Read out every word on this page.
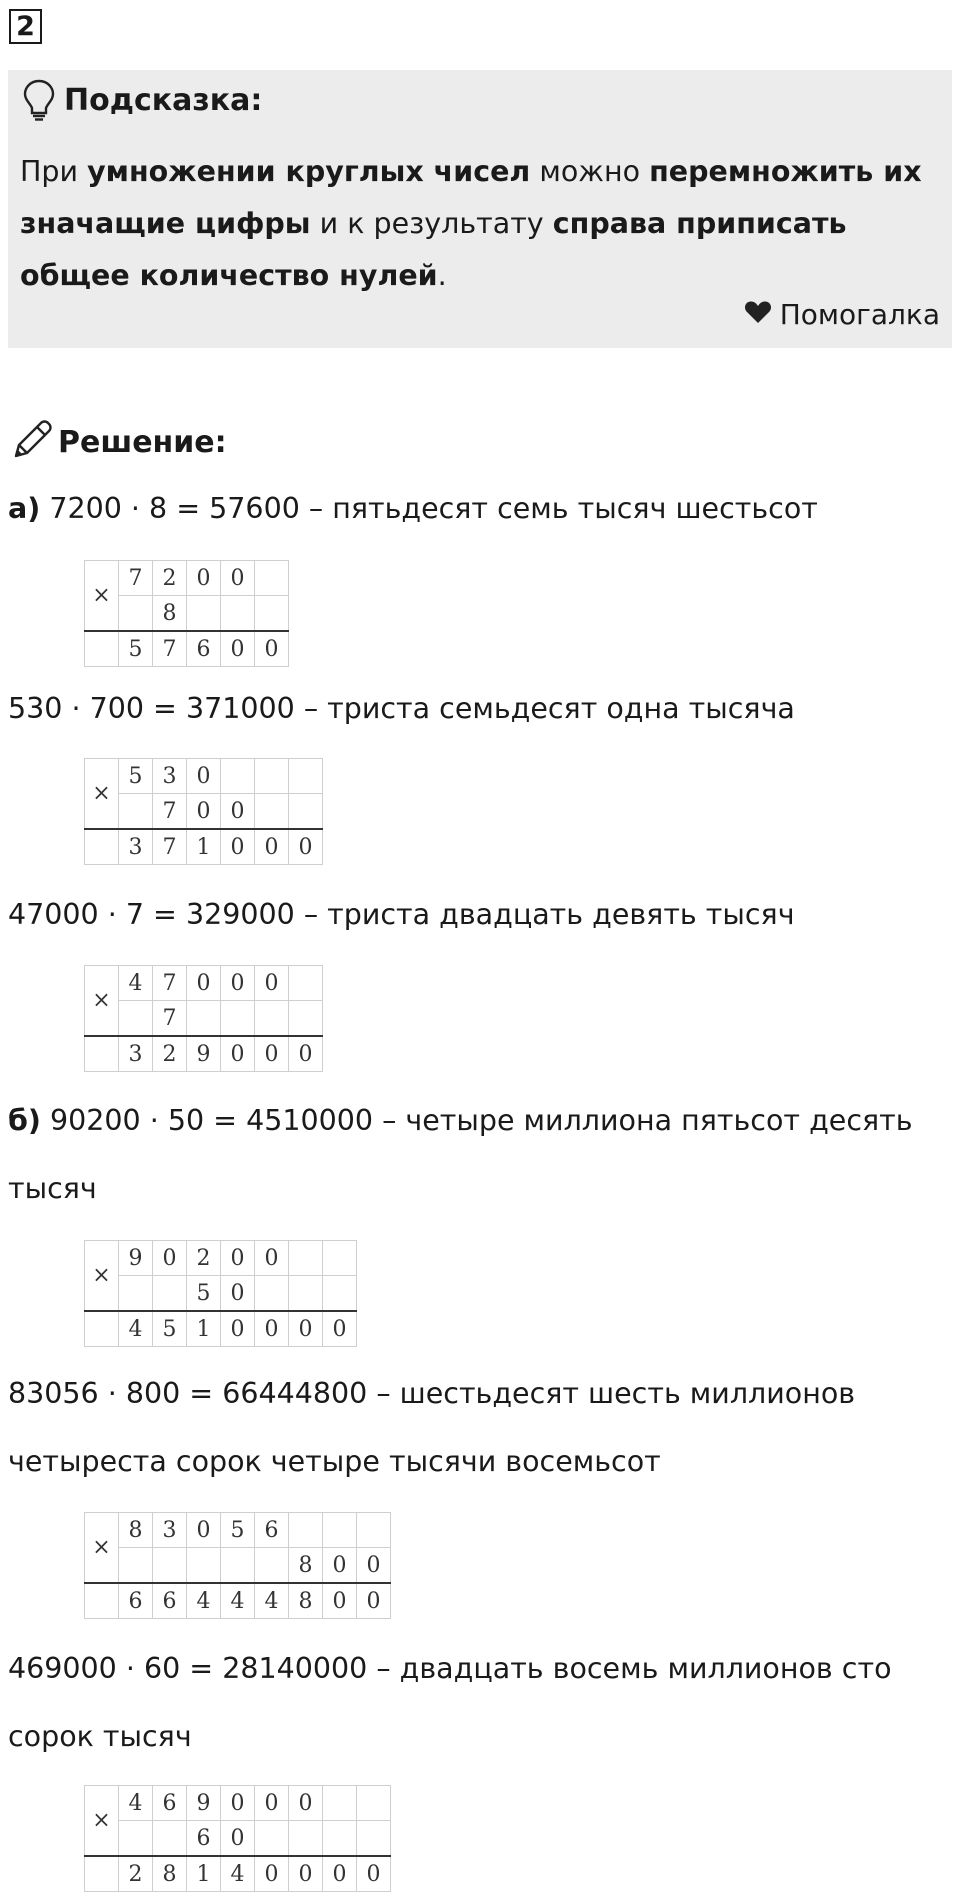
2
Подсказка:
При умножении круглых чисел можно перемножить их значащие цифры и к результату справа приписать общее количество нулей.
Помогалка
Решение:
а) 7200 · 8 = 57600 – пятьдесят семь тысяч шестьсот
×	7	2	0	0	
		8			
	5	7	6	0	0
530 · 700 = 371000 – триста семьдесят одна тысяча
×	5	3	0			
		7	0	0		
	3	7	1	0	0	0
47000 · 7 = 329000 – триста двадцать девять тысяч
×	4	7	0	0	0	
		7				
	3	2	9	0	0	0
б) 90200 · 50 = 4510000 – четыре миллиона пятьсот десять
тысяч
×	9	0	2	0	0		
			5	0			
	4	5	1	0	0	0	0
83056 · 800 = 66444800 – шестьдесят шесть миллионов
четыреста сорок четыре тысячи восемьсот
×	8	3	0	5	6			
						8	0	0
	6	6	4	4	4	8	0	0
469000 · 60 = 28140000 – двадцать восемь миллионов сто
сорок тысяч
×	4	6	9	0	0	0		
			6	0				
	2	8	1	4	0	0	0	0
